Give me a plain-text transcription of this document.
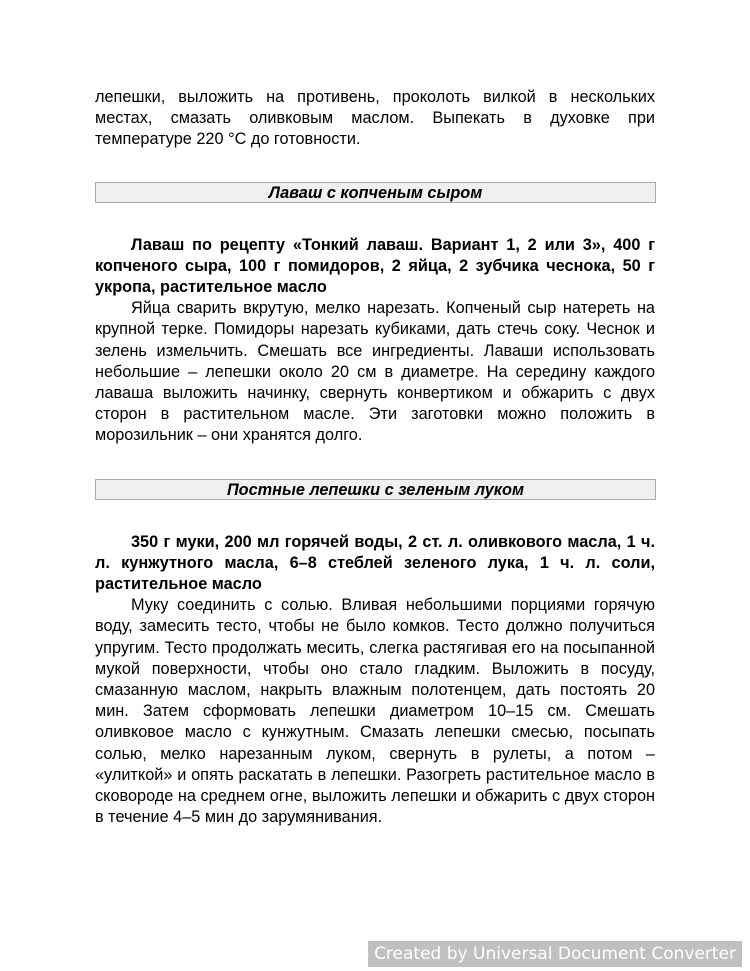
лепешки, выложить на противень, проколоть вилкой в нескольких местах, смазать оливковым маслом. Выпекать в духовке при температуре 220 °С до готовности.

Лаваш с копченым сыром

Лаваш по рецепту «Тонкий лаваш. Вариант 1, 2 или 3», 400 г копченого сыра, 100 г помидоров, 2 яйца, 2 зубчика чеснока, 50 г укропа, растительное масло

Яйца сварить вкрутую, мелко нарезать. Копченый сыр натереть на крупной терке. Помидоры нарезать кубиками, дать стечь соку. Чеснок и зелень измельчить. Смешать все ингредиенты. Лаваши использовать небольшие – лепешки около 20 см в диаметре. На середину каждого лаваша выложить начинку, свернуть конвертиком и обжарить с двух сторон в растительном масле. Эти заготовки можно положить в морозильник – они хранятся долго.

Постные лепешки с зеленым луком

350 г муки, 200 мл горячей воды, 2 ст. л. оливкового масла, 1 ч. л. кунжутного масла, 6–8 стеблей зеленого лука, 1 ч. л. соли, растительное масло

Муку соединить с солью. Вливая небольшими порциями горячую воду, замесить тесто, чтобы не было комков. Тесто должно получиться упругим. Тесто продолжать месить, слегка растягивая его на посыпанной мукой поверхности, чтобы оно стало гладким. Выложить в посуду, смазанную маслом, накрыть влажным полотенцем, дать постоять 20 мин. Затем сформовать лепешки диаметром 10–15 см. Смешать оливковое масло с кунжутным. Смазать лепешки смесью, посыпать солью, мелко нарезанным луком, свернуть в рулеты, а потом – «улиткой» и опять раскатать в лепешки. Разогреть растительное масло в сковороде на среднем огне, выложить лепешки и обжарить с двух сторон в течение 4–5 мин до зарумянивания.

Created by Universal Document Converter
